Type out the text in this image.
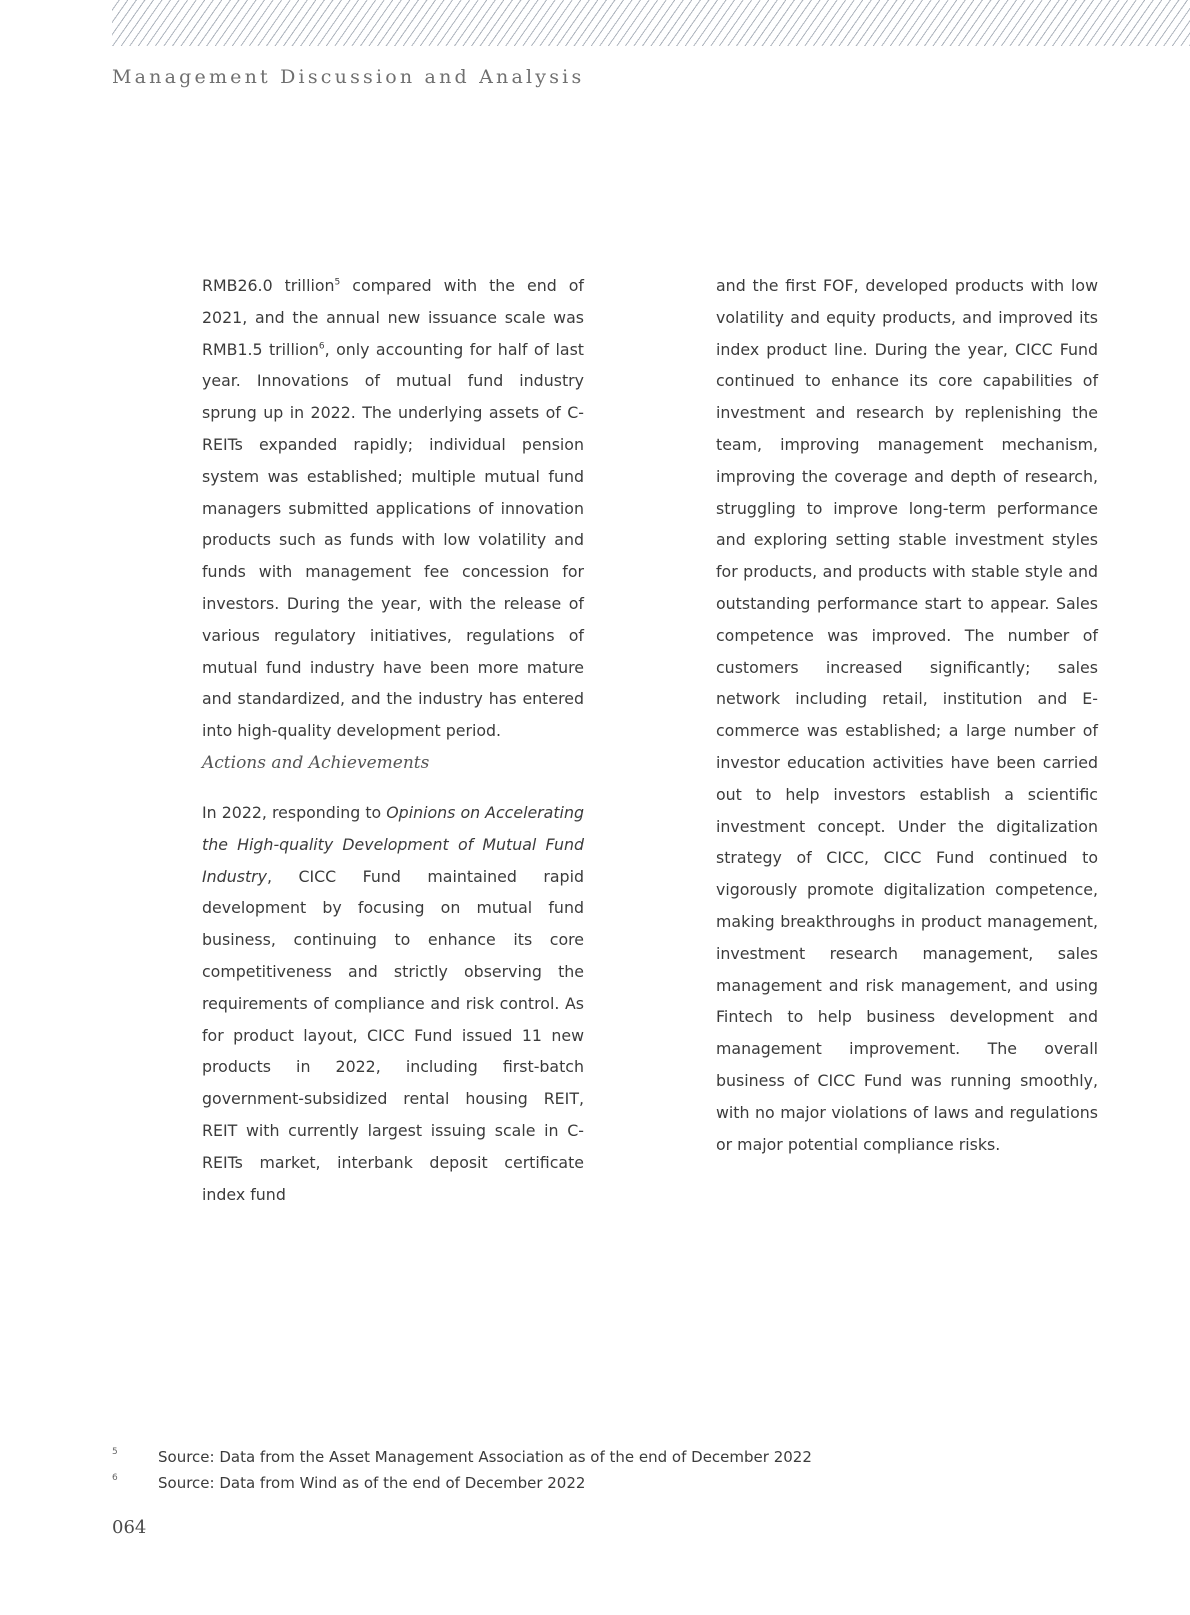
Management Discussion and Analysis

RMB26.0 trillion$^5$ compared with the end of 2021, and the annual new issuance scale was RMB1.5 trillion$^6$, only accounting for half of last year. Innovations of mutual fund industry sprung up in 2022. The underlying assets of C-REITs expanded rapidly; individual pension system was established; multiple mutual fund managers submitted applications of innovation products such as funds with low volatility and funds with management fee concession for investors. During the year, with the release of various regulatory initiatives, regulations of mutual fund industry have been more mature and standardized, and the industry has entered into high-quality development period.

Actions and Achievements

In 2022, responding to Opinions on Accelerating the High-quality Development of Mutual Fund Industry, CICC Fund maintained rapid development by focusing on mutual fund business, continuing to enhance its core competitiveness and strictly observing the requirements of compliance and risk control. As for product layout, CICC Fund issued 11 new products in 2022, including first-batch government-subsidized rental housing REIT, REIT with currently largest issuing scale in C-REITs market, interbank deposit certificate index fund

and the first FOF, developed products with low volatility and equity products, and improved its index product line. During the year, CICC Fund continued to enhance its core capabilities of investment and research by replenishing the team, improving management mechanism, improving the coverage and depth of research, struggling to improve long-term performance and exploring setting stable investment styles for products, and products with stable style and outstanding performance start to appear. Sales competence was improved. The number of customers increased significantly; sales network including retail, institution and E-commerce was established; a large number of investor education activities have been carried out to help investors establish a scientific investment concept. Under the digitalization strategy of CICC, CICC Fund continued to vigorously promote digitalization competence, making breakthroughs in product management, investment research management, sales management and risk management, and using Fintech to help business development and management improvement. The overall business of CICC Fund was running smoothly, with no major violations of laws and regulations or major potential compliance risks.

5	Source: Data from the Asset Management Association as of the end of December 2022
6	Source: Data from Wind as of the end of December 2022
064
